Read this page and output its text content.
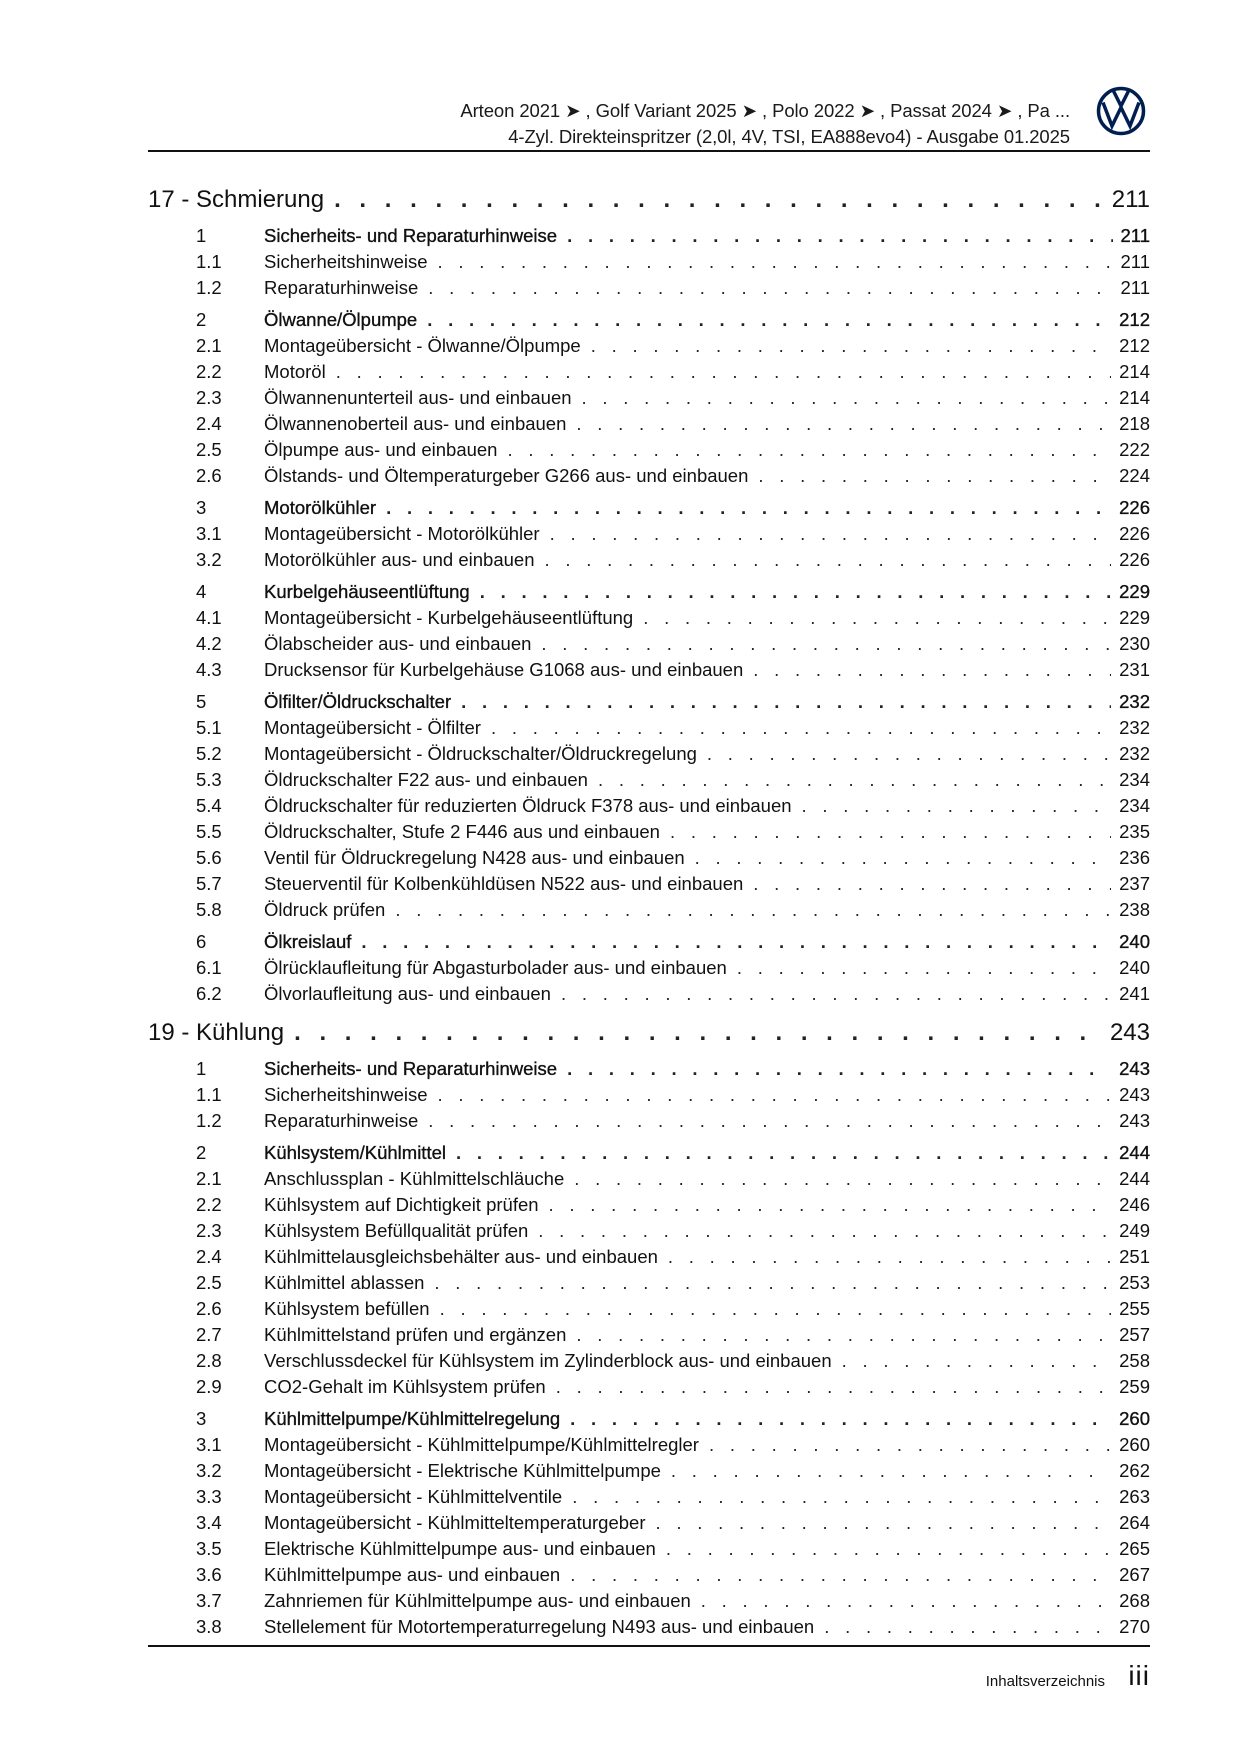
Arteon 2021 ➤ , Golf Variant 2025 ➤ , Polo 2022 ➤ , Passat 2024 ➤ , Pa ...
4-Zyl. Direkteinspritzer (2,0l, 4V, TSI, EA888evo4) - Ausgabe 01.2025
17 - Schmierung . . .	211
1	Sicherheits- und Reparaturhinweise . . .	211
1.1	Sicherheitshinweise . . .	211
1.2	Reparaturhinweise . . .	211
2	Ölwanne/Ölpumpe . . .	212
2.1	Montageübersicht - Ölwanne/Ölpumpe . . .	212
2.2	Motoröl . . .	214
2.3	Ölwannenunterteil aus- und einbauen . . .	214
2.4	Ölwannenoberteil aus- und einbauen . . .	218
2.5	Ölpumpe aus- und einbauen . . .	222
2.6	Ölstands- und Öltemperaturgeber G266 aus- und einbauen . . .	224
3	Motorölkühler . . .	226
3.1	Montageübersicht - Motorölkühler . . .	226
3.2	Motorölkühler aus- und einbauen . . .	226
4	Kurbelgehäuseentlüftung . . .	229
4.1	Montageübersicht - Kurbelgehäuseentlüftung . . .	229
4.2	Ölabscheider aus- und einbauen . . .	230
4.3	Drucksensor für Kurbelgehäuse G1068 aus- und einbauen . . .	231
5	Ölfilter/Öldruckschalter . . .	232
5.1	Montageübersicht - Ölfilter . . .	232
5.2	Montageübersicht - Öldruckschalter/Öldruckregelung . . .	232
5.3	Öldruckschalter F22 aus- und einbauen . . .	234
5.4	Öldruckschalter für reduzierten Öldruck F378 aus- und einbauen . . .	234
5.5	Öldruckschalter, Stufe 2 F446 aus und einbauen . . .	235
5.6	Ventil für Öldruckregelung N428 aus- und einbauen . . .	236
5.7	Steuerventil für Kolbenkühldüsen N522 aus- und einbauen . . .	237
5.8	Öldruck prüfen . . .	238
6	Ölkreislauf . . .	240
6.1	Ölrücklaufleitung für Abgasturbolader aus- und einbauen . . .	240
6.2	Ölvorlaufleitung aus- und einbauen . . .	241
19 - Kühlung . . .	243
1	Sicherheits- und Reparaturhinweise . . .	243
1.1	Sicherheitshinweise . . .	243
1.2	Reparaturhinweise . . .	243
2	Kühlsystem/Kühlmittel . . .	244
2.1	Anschlussplan - Kühlmittelschläuche . . .	244
2.2	Kühlsystem auf Dichtigkeit prüfen . . .	246
2.3	Kühlsystem Befüllqualität prüfen . . .	249
2.4	Kühlmittelausgleichsbehälter aus- und einbauen . . .	251
2.5	Kühlmittel ablassen . . .	253
2.6	Kühlsystem befüllen . . .	255
2.7	Kühlmittelstand prüfen und ergänzen . . .	257
2.8	Verschlussdeckel für Kühlsystem im Zylinderblock aus- und einbauen . . .	258
2.9	CO2-Gehalt im Kühlsystem prüfen . . .	259
3	Kühlmittelpumpe/Kühlmittelregelung . . .	260
3.1	Montageübersicht - Kühlmittelpumpe/Kühlmittelregler . . .	260
3.2	Montageübersicht - Elektrische Kühlmittelpumpe . . .	262
3.3	Montageübersicht - Kühlmittelventile . . .	263
3.4	Montageübersicht - Kühlmitteltemperaturgeber . . .	264
3.5	Elektrische Kühlmittelpumpe aus- und einbauen . . .	265
3.6	Kühlmittelpumpe aus- und einbauen . . .	267
3.7	Zahnriemen für Kühlmittelpumpe aus- und einbauen . . .	268
3.8	Stellelement für Motortemperaturregelung N493 aus- und einbauen . . .	270
Inhaltsverzeichnis iii
